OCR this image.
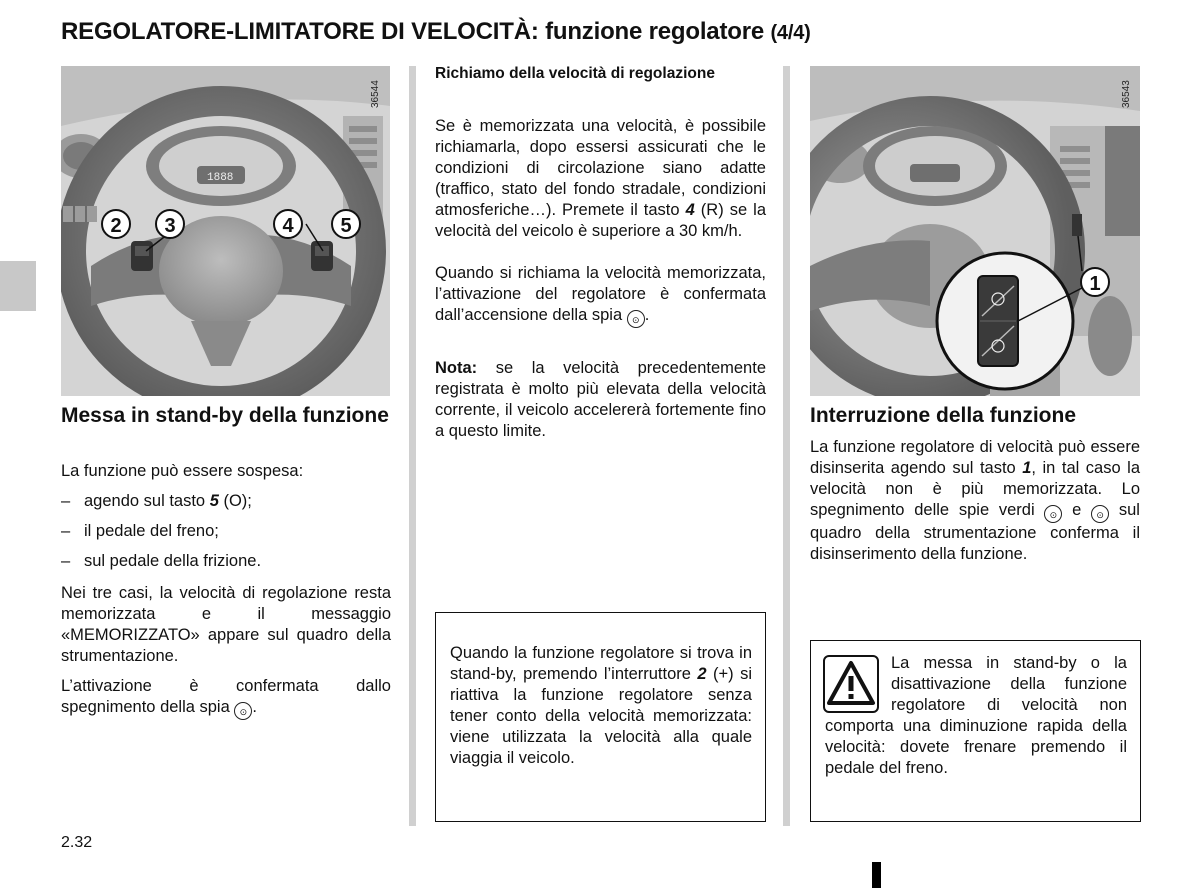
REGOLATORE-LIMITATORE DI VELOCITÀ: funzione regolatore (4/4)
1888
36544
2	3	4	5
Messa in stand-by della funzione

La funzione può essere sospesa:

– agendo sul tasto 5 (O);
– il pedale del freno;
– sul pedale della frizione.

Nei tre casi, la velocità di regolazione resta memorizzata e il messaggio «MEMORIZZATO» appare sul quadro della strumentazione.

L’attivazione è confermata dallo spegnimento della spia ⊙ .

Richiamo della velocità di regolazione

Se è memorizzata una velocità, è possibile richiamarla, dopo essersi assicurati che le condizioni di circolazione siano adatte (traffico, stato del fondo stradale, condizioni atmosferiche…). Premete il tasto 4 (R) se la velocità del veicolo è superiore a 30 km/h.

Quando si richiama la velocità memorizzata, l’attivazione del regolatore è confermata dall’accensione della spia ⊙ .

Nota: se la velocità precedentemente registrata è molto più elevata della velocità corrente, il veicolo accelererà fortemente fino a questo limite.

Quando la funzione regolatore si trova in stand-by, premendo l’interruttore 2 (+) si riattiva la funzione regolatore senza tener conto della velocità memorizzata: viene utilizzata la velocità alla quale viaggia il veicolo.

36543
1
Interruzione della funzione

La funzione regolatore di velocità può essere disinserita agendo sul tasto 1, in tal caso la velocità non è più memorizzata. Lo spegnimento delle spie verdi ⊙ e ⊙ sul quadro della strumentazione conferma il disinserimento della funzione.

La messa in stand-by o la disattivazione della funzione regolatore di velocità non comporta una diminuzione rapida della velocità: dovete frenare premendo il pedale del freno.

2.32
